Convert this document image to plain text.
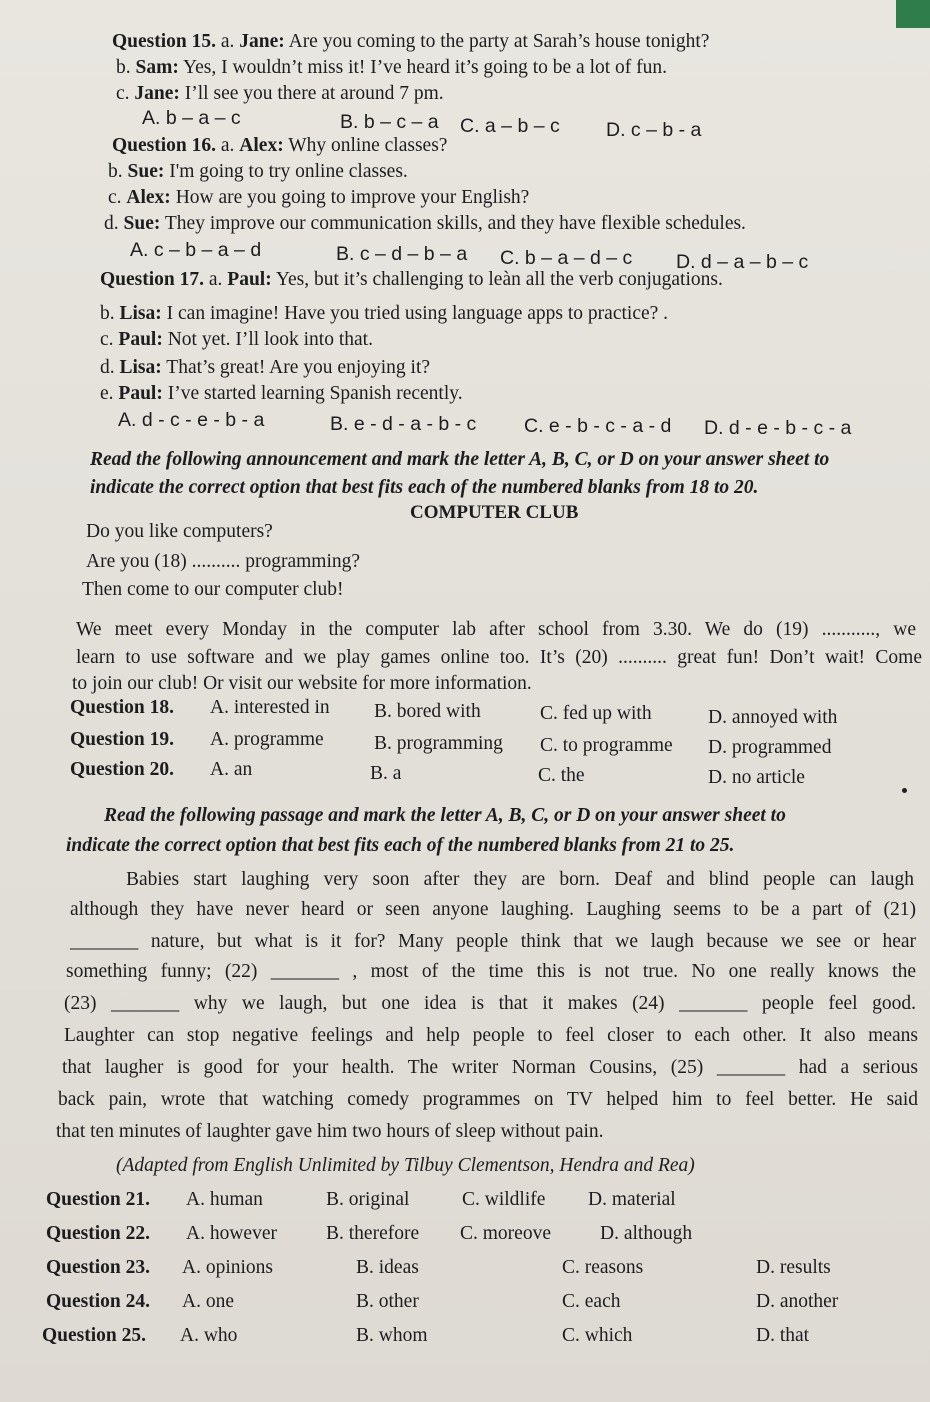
Question 15. a. Jane: Are you coming to the party at Sarah’s house tonight?
b. Sam: Yes, I wouldn’t miss it! I’ve heard it’s going to be a lot of fun.
c. Jane: I’ll see you there at around 7 pm.
A. b – a – c	B. b – c – a C. a – b – c D. c – b - a
Question 16. a. Alex: Why online classes?
b. Sue: I'm going to try online classes.
c. Alex: How are you going to improve your English?
d. Sue: They improve our communication skills, and they have flexible schedules.
A. c – b – a – d	B. c – d – b – a C. b – a – d – c D. d – a – b – c
Question 17. a. Paul: Yes, but it’s challenging to leàn all the verb conjugations.
b. Lisa: I can imagine! Have you tried using language apps to practice? .
c. Paul: Not yet. I’ll look into that.
d. Lisa: That’s great! Are you enjoying it?
e. Paul: I’ve started learning Spanish recently.
A. d - c - e - b - a	B. e - d - a - b - c C. e - b - c - a - d D. d - e - b - c - a
Read the following announcement and mark the letter A, B, C, or D on your answer sheet to
indicate the correct option that best fits each of the numbered blanks from 18 to 20.
COMPUTER CLUB
Do you like computers?
Are you (18) .......... programming?
Then come to our computer club!
We meet every Monday in the computer lab after school from 3.30. We do (19) ..........., we
learn to use software and we play games online too. It’s (20) .......... great fun! Don’t wait! Come
to join our club! Or visit our website for more information.
Question 18. A. interested in B. bored with	C. fed up with	D. annoyed with
Question 19. A. programme	B. programming C. to programme D. programmed
Question 20. A. an	B. a	C. the	D. no article
Read the following passage and mark the letter A, B, C, or D on your answer sheet to
indicate the correct option that best fits each of the numbered blanks from 21 to 25.
Babies start laughing very soon after they are born. Deaf and blind people can laugh
although they have never heard or seen anyone laughing. Laughing seems to be a part of (21)
_______ nature, but what is it for? Many people think that we laugh because we see or hear
something funny; (22) _______ , most of the time this is not true. No one really knows the
(23) _______ why we laugh, but one idea is that it makes (24) _______ people feel good.
Laughter can stop negative feelings and help people to feel closer to each other. It also means
that laugher is good for your health. The writer Norman Cousins, (25) _______ had a serious
back pain, wrote that watching comedy programmes on TV helped him to feel better. He said
that ten minutes of laughter gave him two hours of sleep without pain.
(Adapted from English Unlimited by Tilbuy Clementson, Hendra and Rea)
Question 21. A. human	B. original	C. wildlife D. material
Question 22. A. however	B. therefore C. moreove	D. although
Question 23. A. opinions	B. ideas	C. reasons	D. results
Question 24. A. one	B. other	C. each	D. another
Question 25. A. who	B. whom	C. which	D. that
